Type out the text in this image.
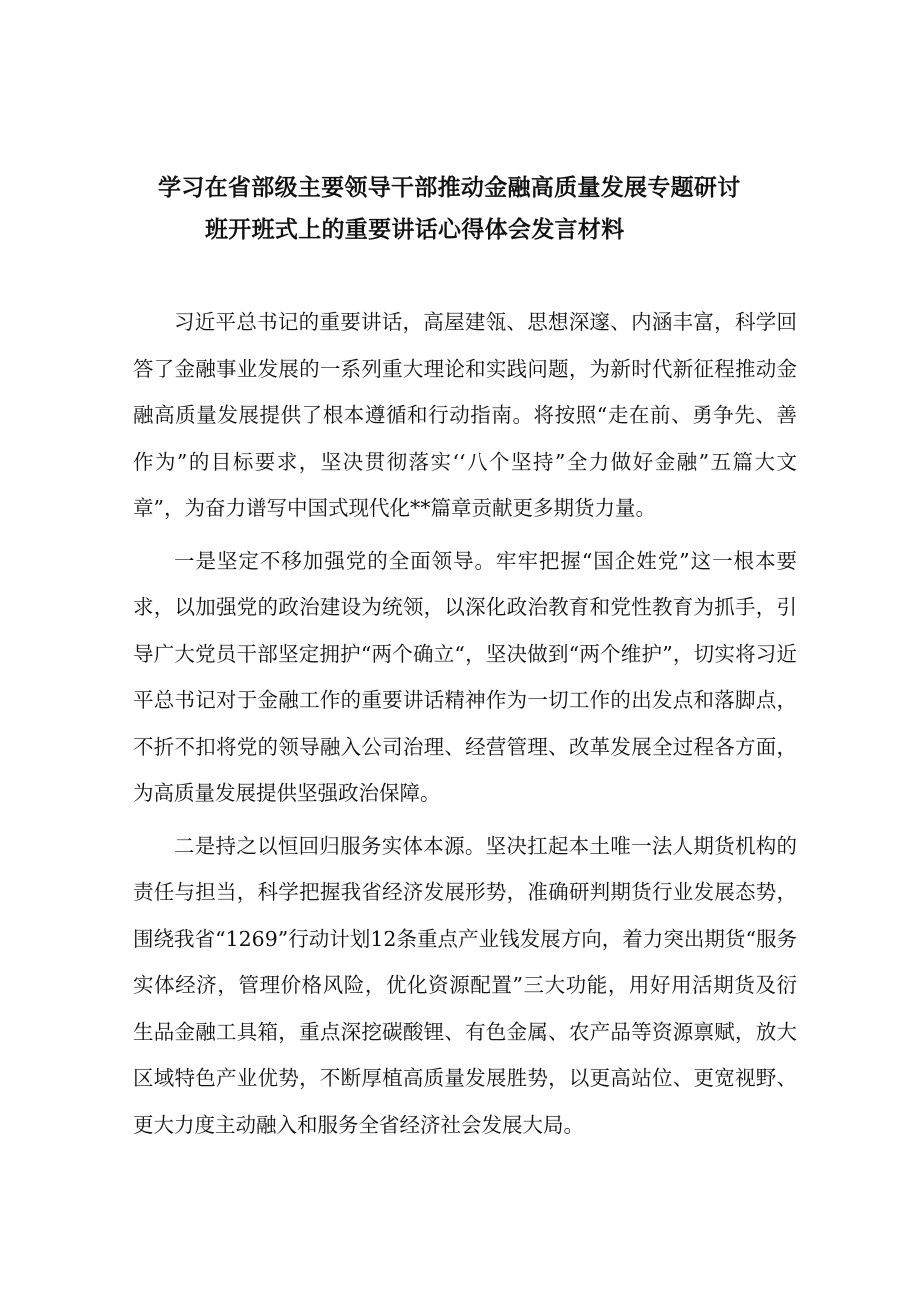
学习在省部级主要领导干部推动金融高质量发展专题研讨
班开班式上的重要讲话心得体会发言材料

习近平总书记的重要讲话，高屋建瓴、思想深邃、内涵丰富，科学回答了金融事业发展的一系列重大理论和实践问题，为新时代新征程推动金融高质量发展提供了根本遵循和行动指南。将按照“走在前、勇争先、善作为”的目标要求，坚决贯彻落实‘‘八个坚持”全力做好金融”五篇大文章”，为奋力谱写中国式现代化**篇章贡献更多期货力量。

一是坚定不移加强党的全面领导。牢牢把握“国企姓党”这一根本要求，以加强党的政治建设为统领，以深化政治教育和党性教育为抓手，引导广大党员干部坚定拥护“两个确立“，坚决做到“两个维护”，切实将习近平总书记对于金融工作的重要讲话精神作为一切工作的出发点和落脚点，不折不扣将党的领导融入公司治理、经营管理、改革发展全过程各方面，为高质量发展提供坚强政治保障。

二是持之以恒回归服务实体本源。坚决扛起本土唯一法人期货机构的责任与担当，科学把握我省经济发展形势，准确研判期货行业发展态势，围绕我省“1269”行动计划12条重点产业钱发展方向，着力突出期货“服务实体经济，管理价格风险，优化资源配置”三大功能，用好用活期货及衍生品金融工具箱，重点深挖碳酸锂、有色金属、农产品等资源禀赋，放大区域特色产业优势，不断厚植高质量发展胜势，以更高站位、更宽视野、更大力度主动融入和服务全省经济社会发展大局。
